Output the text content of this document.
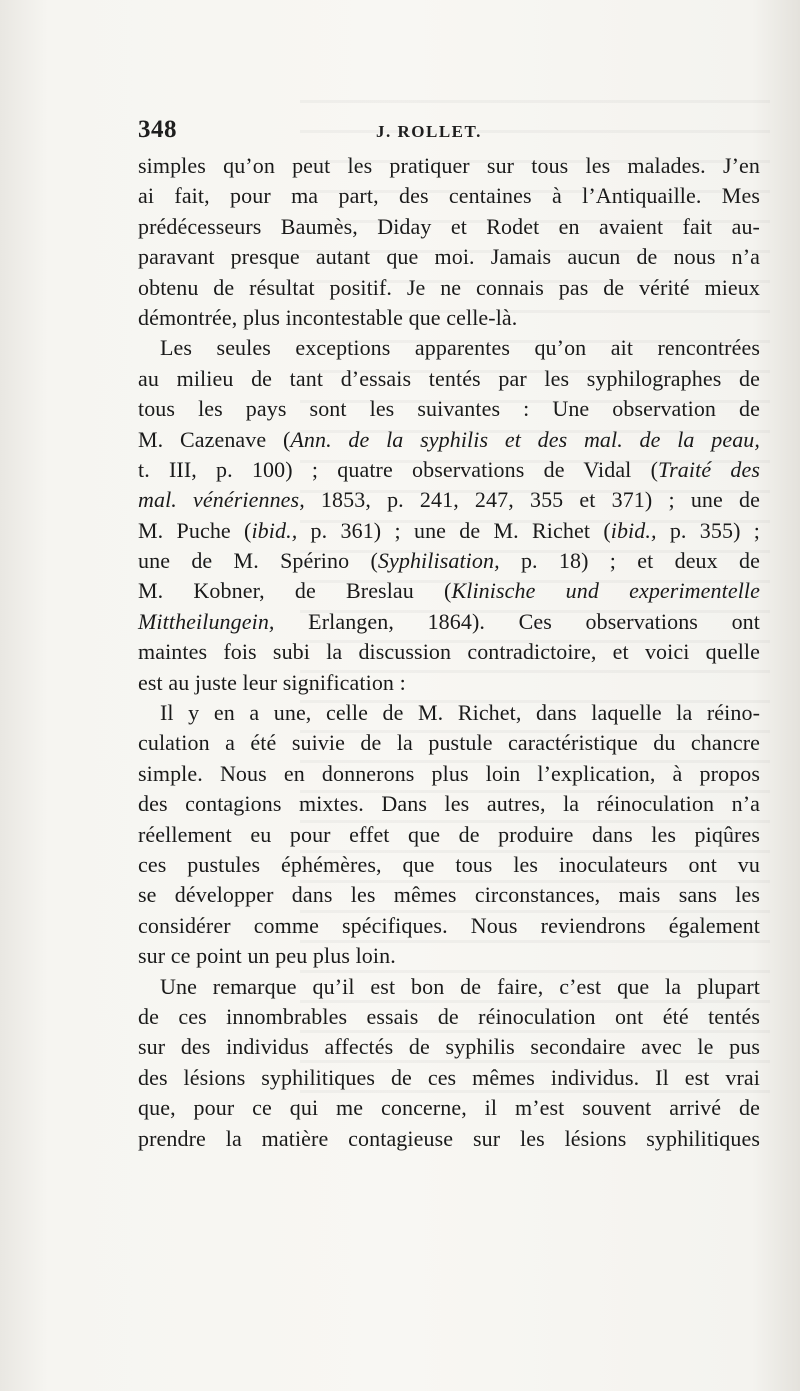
348	J. ROLLET.
simples qu’on peut les pratiquer sur tous les malades. J’en
ai fait, pour ma part, des centaines à l’Antiquaille. Mes
prédécesseurs Baumès, Diday et Rodet en avaient fait au-
paravant presque autant que moi. Jamais aucun de nous n’a
obtenu de résultat positif. Je ne connais pas de vérité mieux
démontrée, plus incontestable que celle-là.
Les seules exceptions apparentes qu’on ait rencontrées
au milieu de tant d’essais tentés par les syphilographes de
tous les pays sont les suivantes : Une observation de
M. Cazenave (Ann. de la syphilis et des mal. de la peau,
t. III, p. 100) ; quatre observations de Vidal (Traité des
mal. vénériennes, 1853, p. 241, 247, 355 et 371) ; une de
M. Puche (ibid., p. 361) ; une de M. Richet (ibid., p. 355) ;
une de M. Spérino (Syphilisation, p. 18) ; et deux de
M. Kobner, de Breslau (Klinische und experimentelle
Mittheilungein, Erlangen, 1864). Ces observations ont
maintes fois subi la discussion contradictoire, et voici quelle
est au juste leur signification :
Il y en a une, celle de M. Richet, dans laquelle la réino-
culation a été suivie de la pustule caractéristique du chancre
simple. Nous en donnerons plus loin l’explication, à propos
des contagions mixtes. Dans les autres, la réinoculation n’a
réellement eu pour effet que de produire dans les piqûres
ces pustules éphémères, que tous les inoculateurs ont vu
se développer dans les mêmes circonstances, mais sans les
considérer comme spécifiques. Nous reviendrons également
sur ce point un peu plus loin.
Une remarque qu’il est bon de faire, c’est que la plupart
de ces innombrables essais de réinoculation ont été tentés
sur des individus affectés de syphilis secondaire avec le pus
des lésions syphilitiques de ces mêmes individus. Il est vrai
que, pour ce qui me concerne, il m’est souvent arrivé de
prendre la matière contagieuse sur les lésions syphilitiques
